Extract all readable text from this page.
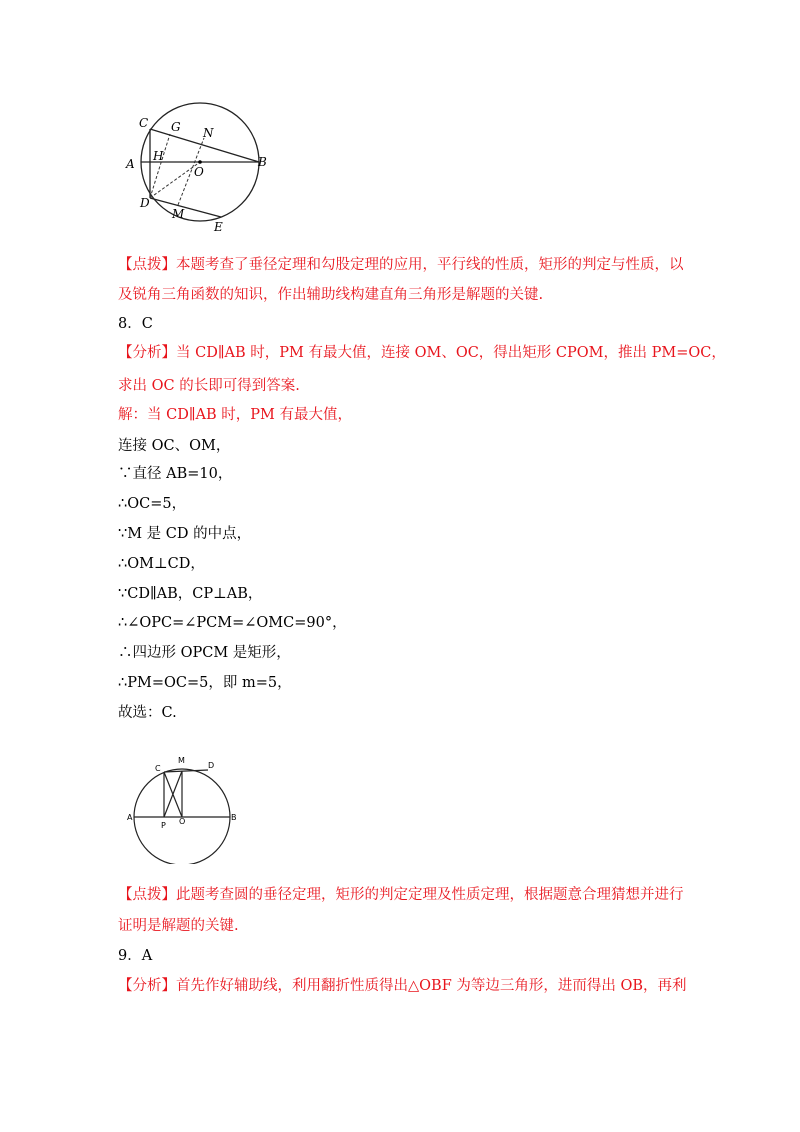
C G N
A
H
O
B
D
M
E
【点拨】本题考查了垂径定理和勾股定理的应用，平行线的性质，矩形的判定与性质，以
及锐角三角函数的知识，作出辅助线构建直角三角形是解题的关键.
8．C
【分析】当 CD∥AB 时，PM 有最大值，连接 OM、OC，得出矩形 CPOM，推出 PM=OC，
求出 OC 的长即可得到答案.
解：当 CD∥AB 时，PM 有最大值，
连接 OC、OM，
∵直径 AB=10，
∴OC=5，
∵M 是 CD 的中点，
∴OM⊥CD，
∵CD∥AB，CP⊥AB，
∴∠OPC=∠PCM=∠OMC=90°，
∴四边形 OPCM 是矩形，
∴PM=OC=5，即 m=5，
故选：C.
C
M
D
A
P O	B
【点拨】此题考查圆的垂径定理，矩形的判定定理及性质定理，根据题意合理猜想并进行
证明是解题的关键.
9．A
【分析】首先作好辅助线，利用翻折性质得出△OBF 为等边三角形，进而得出 OB，再利
